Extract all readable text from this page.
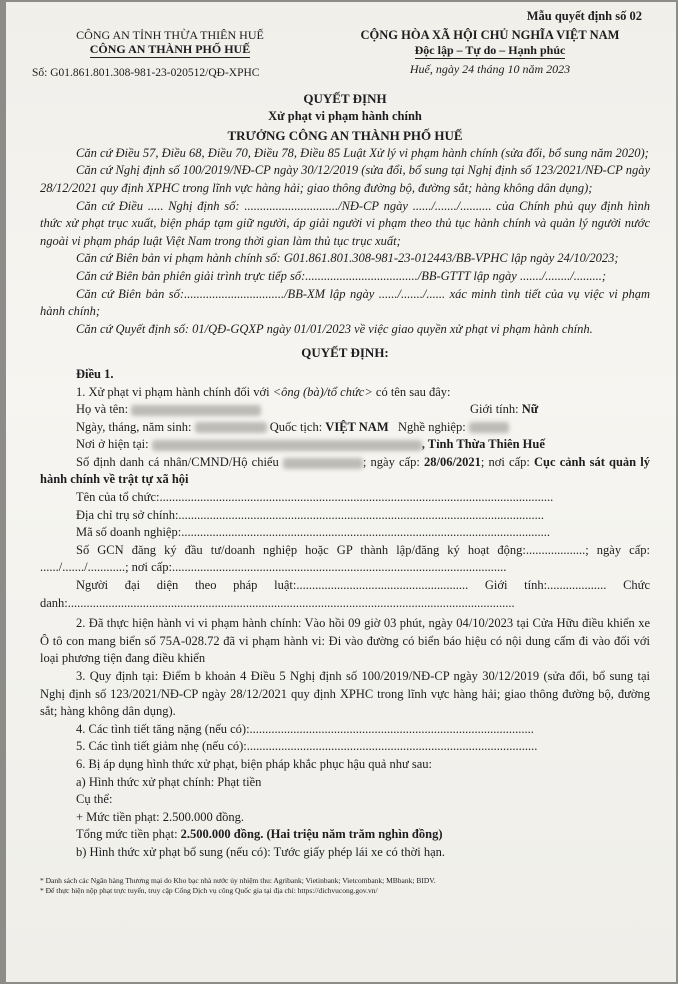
Mẫu quyết định số 02
CÔNG AN TỈNH THỪA THIÊN HUẾ
CÔNG AN THÀNH PHỐ HUẾ
Số: G01.861.801.308-981-23-020512/QĐ-XPHC
CỘNG HÒA XÃ HỘI CHỦ NGHĨA VIỆT NAM
Độc lập – Tự do – Hạnh phúc
Huế, ngày 24 tháng 10 năm 2023
QUYẾT ĐỊNH
Xử phạt vi phạm hành chính
TRƯỞNG CÔNG AN THÀNH PHỐ HUẾ
Căn cứ Điều 57, Điều 68, Điều 70, Điều 78, Điều 85 Luật Xử lý vi phạm hành chính (sửa đổi, bổ sung năm 2020);
Căn cứ Nghị định số 100/2019/NĐ-CP ngày 30/12/2019 (sửa đổi, bổ sung tại Nghị định số 123/2021/NĐ-CP ngày 28/12/2021 quy định XPHC trong lĩnh vực hàng hải; giao thông đường bộ, đường sắt; hàng không dân dụng);
Căn cứ Điều ..... Nghị định số: ............................../NĐ-CP ngày ....../......./.......... của Chính phủ quy định hình thức xử phạt trục xuất, biện pháp tạm giữ người, áp giải người vi phạm theo thủ tục hành chính và quản lý người nước ngoài vi phạm pháp luật Việt Nam trong thời gian làm thủ tục trục xuất;
Căn cứ Biên bản vi phạm hành chính số: G01.861.801.308-981-23-012443/BB-VPHC lập ngày 24/10/2023;
Căn cứ Biên bản phiên giải trình trực tiếp số:..................................../BB-GTTT lập ngày ......./......../.........;
Căn cứ Biên bản số:................................/BB-XM lập ngày ....../......./...... xác minh tình tiết của vụ việc vi phạm hành chính;
Căn cứ Quyết định số: 01/QĐ-GQXP ngày 01/01/2023 về việc giao quyền xử phạt vi phạm hành chính.
QUYẾT ĐỊNH:
Điều 1.
1. Xử phạt vi phạm hành chính đối với <ông (bà)/tổ chức> có tên sau đây:
Họ và tên:	Giới tính: Nữ
Ngày, tháng, năm sinh:	Quốc tịch: VIỆT NAM Nghề nghiệp:
Nơi ở hiện tại:	, Tỉnh Thừa Thiên Huế
Số định danh cá nhân/CMND/Hộ chiếu	; ngày cấp: 28/06/2021; nơi cấp: Cục cảnh sát quản lý hành chính về trật tự xã hội
Tên của tổ chức:..............................................................................................................................
Địa chỉ trụ sở chính:.....................................................................................................................
Mã số doanh nghiệp:......................................................................................................................
Số GCN đăng ký đầu tư/doanh nghiệp hoặc GP thành lập/đăng ký hoạt động:...................; ngày cấp: ....../......./............; nơi cấp:...........................................................................................................
Người đại diện theo pháp luật:....................................................... Giới tính:................... Chức danh:...............................................................................................................................................
2. Đã thực hiện hành vi vi phạm hành chính: Vào hồi 09 giờ 03 phút, ngày 04/10/2023 tại Cửa Hữu điều khiển xe Ô tô con mang biển số 75A-028.72 đã vi phạm hành vi: Đi vào đường có biển báo hiệu có nội dung cấm đi vào đối với loại phương tiện đang điều khiển
3. Quy định tại: Điểm b khoản 4 Điều 5 Nghị định số 100/2019/NĐ-CP ngày 30/12/2019 (sửa đổi, bổ sung tại Nghị định số 123/2021/NĐ-CP ngày 28/12/2021 quy định XPHC trong lĩnh vực hàng hải; giao thông đường bộ, đường sắt; hàng không dân dụng).
4. Các tình tiết tăng nặng (nếu có):...........................................................................................
5. Các tình tiết giảm nhẹ (nếu có):.............................................................................................
6. Bị áp dụng hình thức xử phạt, biện pháp khắc phục hậu quả như sau:
a) Hình thức xử phạt chính: Phạt tiền
Cụ thể:
+ Mức tiền phạt: 2.500.000 đồng.
Tổng mức tiền phạt: 2.500.000 đồng. (Hai triệu năm trăm nghìn đồng)
b) Hình thức xử phạt bổ sung (nếu có): Tước giấy phép lái xe có thời hạn.
* Danh sách các Ngân hàng Thương mại do Kho bạc nhà nước ủy nhiệm thu: Agribank; Vietinbank; Vietcombank; MBbank; BIDV.
* Để thực hiện nộp phạt trực tuyến, truy cập Cổng Dịch vụ công Quốc gia tại địa chỉ: https://dichvucong.gov.vn/
